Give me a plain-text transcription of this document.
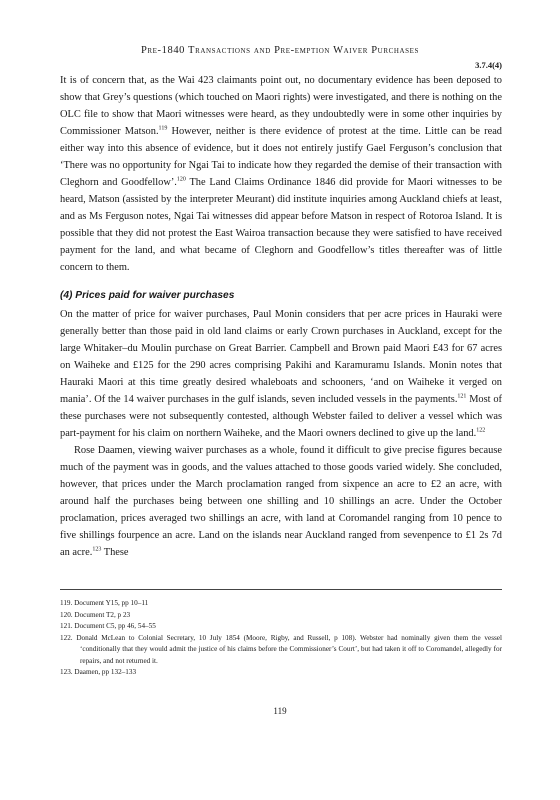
Pre-1840 Transactions and Pre-emption Waiver Purchases
3.7.4(4)

It is of concern that, as the Wai 423 claimants point out, no documentary evidence has been deposed to show that Grey’s questions (which touched on Maori rights) were investigated, and there is nothing on the OLC file to show that Maori witnesses were heard, as they undoubtedly were in some other inquiries by Commissioner Matson.$^{119}$ However, neither is there evidence of protest at the time. Little can be read either way into this absence of evidence, but it does not entirely justify Gael Ferguson’s conclusion that ‘There was no opportunity for Ngai Tai to indicate how they regarded the demise of their transaction with Cleghorn and Goodfellow’.$^{120}$ The Land Claims Ordinance 1846 did provide for Maori witnesses to be heard, Matson (assisted by the interpreter Meurant) did institute inquiries among Auckland chiefs at least, and as Ms Ferguson notes, Ngai Tai witnesses did appear before Matson in respect of Rotoroa Island. It is possible that they did not protest the East Wairoa transaction because they were satisfied to have received payment for the land, and what became of Cleghorn and Goodfellow’s titles thereafter was of little concern to them.

(4) Prices paid for waiver purchases

On the matter of price for waiver purchases, Paul Monin considers that per acre prices in Hauraki were generally better than those paid in old land claims or early Crown purchases in Auckland, except for the large Whitaker–du Moulin purchase on Great Barrier. Campbell and Brown paid Maori £43 for 67 acres on Waiheke and £125 for the 290 acres comprising Pakihi and Karamuramu Islands. Monin notes that Hauraki Maori at this time greatly desired whaleboats and schooners, ‘and on Waiheke it verged on mania’. Of the 14 waiver purchases in the gulf islands, seven included vessels in the payments.$^{121}$ Most of these purchases were not subsequently contested, although Webster failed to deliver a vessel which was part-payment for his claim on northern Waiheke, and the Maori owners declined to give up the land.$^{122}$

Rose Daamen, viewing waiver purchases as a whole, found it difficult to give precise figures because much of the payment was in goods, and the values attached to those goods varied widely. She concluded, however, that prices under the March proclamation ranged from sixpence an acre to £2 an acre, with around half the purchases being between one shilling and 10 shillings an acre. Under the October proclamation, prices averaged two shillings an acre, with land at Coromandel ranging from 10 pence to five shillings fourpence an acre. Land on the islands near Auckland ranged from sevenpence to £1 2s 7d an acre.$^{123}$ These

119. Document Y15, pp 10–11

120. Document T2, p 23

121. Document C5, pp 46, 54–55

122. Donald McLean to Colonial Secretary, 10 July 1854 (Moore, Rigby, and Russell, p 108). Webster had nominally given them the vessel ‘conditionally that they would admit the justice of his claims before the Commissioner’s Court’, but had taken it off to Coromandel, allegedly for repairs, and not returned it.

123. Daamen, pp 132–133

119
